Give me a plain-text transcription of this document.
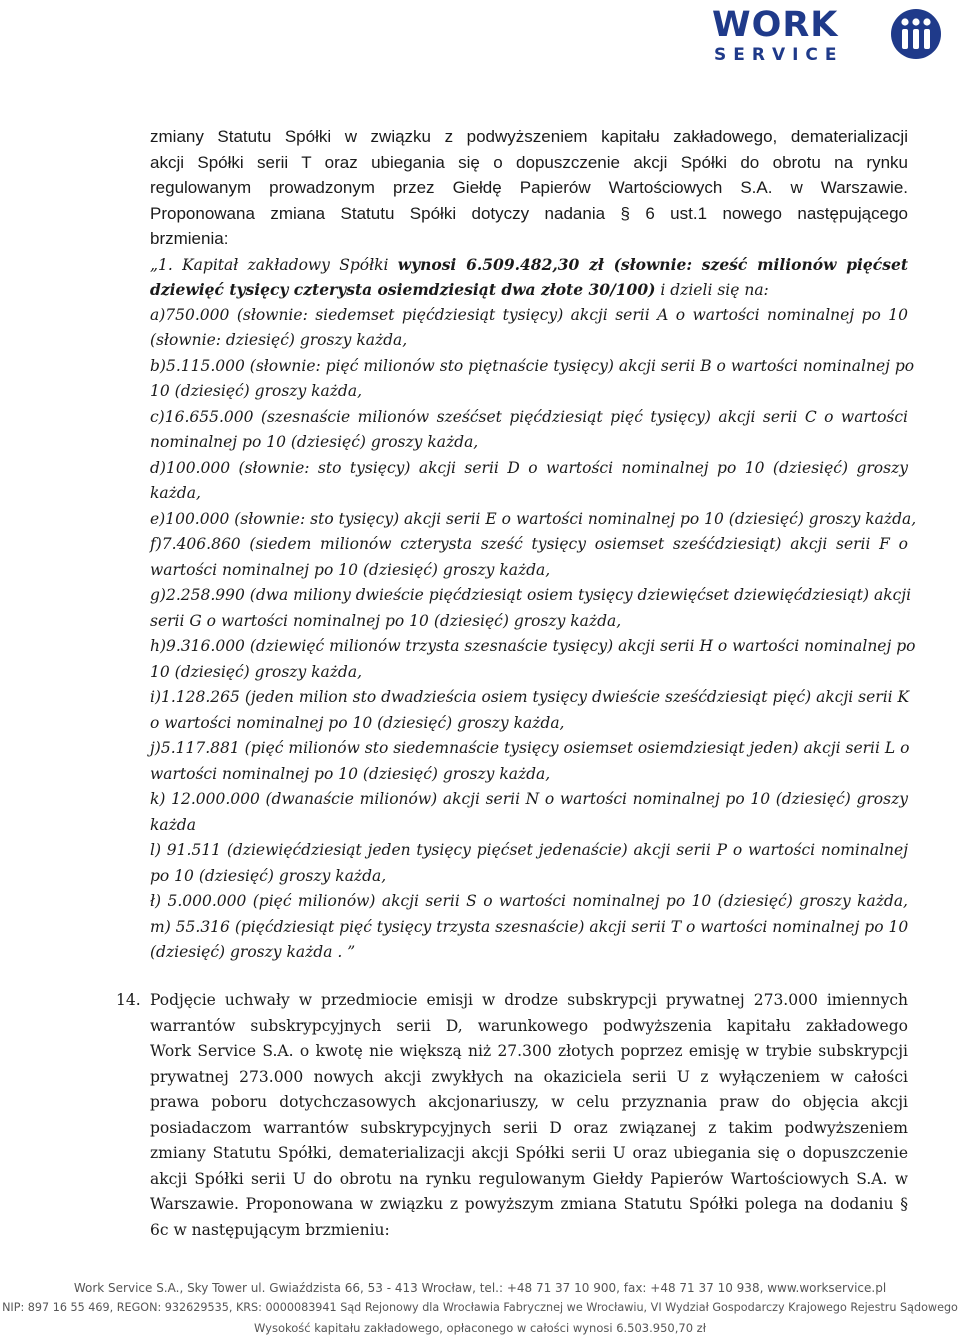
WORK
SERVICE
zmiany Statutu Spółki w związku z podwyższeniem kapitału zakładowego, dematerializacji
akcji Spółki serii T oraz ubiegania się o dopuszczenie akcji Spółki do obrotu na rynku
regulowanym prowadzonym przez Giełdę Papierów Wartościowych S.A. w Warszawie.
Proponowana zmiana Statutu Spółki dotyczy nadania § 6 ust.1 nowego następującego
brzmienia:
„1. Kapitał zakładowy Spółki wynosi 6.509.482,30 zł (słownie: sześć milionów pięćset
dziewięć tysięcy czterysta osiemdziesiąt dwa złote 30/100) i dzieli się na:
a)750.000 (słownie: siedemset pięćdziesiąt tysięcy) akcji serii A o wartości nominalnej po 10
(słownie: dziesięć) groszy każda,
b)5.115.000 (słownie: pięć milionów sto piętnaście tysięcy) akcji serii B o wartości nominalnej po
10 (dziesięć) groszy każda,
c)16.655.000 (szesnaście milionów sześćset pięćdziesiąt pięć tysięcy) akcji serii C o wartości
nominalnej po 10 (dziesięć) groszy każda,
d)100.000 (słownie: sto tysięcy) akcji serii D o wartości nominalnej po 10 (dziesięć) groszy
każda,
e)100.000 (słownie: sto tysięcy) akcji serii E o wartości nominalnej po 10 (dziesięć) groszy każda,
f)7.406.860 (siedem milionów czterysta sześć tysięcy osiemset sześćdziesiąt) akcji serii F o
wartości nominalnej po 10 (dziesięć) groszy każda,
g)2.258.990 (dwa miliony dwieście pięćdziesiąt osiem tysięcy dziewięćset dziewięćdziesiąt) akcji
serii G o wartości nominalnej po 10 (dziesięć) groszy każda,
h)9.316.000 (dziewięć milionów trzysta szesnaście tysięcy) akcji serii H o wartości nominalnej po
10 (dziesięć) groszy każda,
i)1.128.265 (jeden milion sto dwadzieścia osiem tysięcy dwieście sześćdziesiąt pięć) akcji serii K
o wartości nominalnej po 10 (dziesięć) groszy każda,
j)5.117.881 (pięć milionów sto siedemnaście tysięcy osiemset osiemdziesiąt jeden) akcji serii L o
wartości nominalnej po 10 (dziesięć) groszy każda,
k) 12.000.000 (dwanaście milionów) akcji serii N o wartości nominalnej po 10 (dziesięć) groszy
każda
l) 91.511 (dziewięćdziesiąt jeden tysięcy pięćset jedenaście) akcji serii P o wartości nominalnej
po 10 (dziesięć) groszy każda,
ł) 5.000.000 (pięć milionów) akcji serii S o wartości nominalnej po 10 (dziesięć) groszy każda,
m) 55.316 (pięćdziesiąt pięć tysięcy trzysta szesnaście) akcji serii T o wartości nominalnej po 10
(dziesięć) groszy każda . ”
14. Podjęcie uchwały w przedmiocie emisji w drodze subskrypcji prywatnej 273.000 imiennych
warrantów subskrypcyjnych serii D, warunkowego podwyższenia kapitału zakładowego
Work Service S.A. o kwotę nie większą niż 27.300 złotych poprzez emisję w trybie subskrypcji
prywatnej 273.000 nowych akcji zwykłych na okaziciela serii U z wyłączeniem w całości
prawa poboru dotychczasowych akcjonariuszy, w celu przyznania praw do objęcia akcji
posiadaczom warrantów subskrypcyjnych serii D oraz związanej z takim podwyższeniem
zmiany Statutu Spółki, dematerializacji akcji Spółki serii U oraz ubiegania się o dopuszczenie
akcji Spółki serii U do obrotu na rynku regulowanym Giełdy Papierów Wartościowych S.A. w
Warszawie. Proponowana w związku z powyższym zmiana Statutu Spółki polega na dodaniu §
6c w następującym brzmieniu:
Work Service S.A., Sky Tower ul. Gwiaździsta 66, 53 - 413 Wrocław, tel.: +48 71 37 10 900, fax: +48 71 37 10 938, www.workservice.pl
NIP: 897 16 55 469, REGON: 932629535, KRS: 0000083941 Sąd Rejonowy dla Wrocławia Fabrycznej we Wrocławiu, VI Wydział Gospodarczy Krajowego Rejestru Sądowego
Wysokość kapitału zakładowego, opłaconego w całości wynosi 6.503.950,70 zł
